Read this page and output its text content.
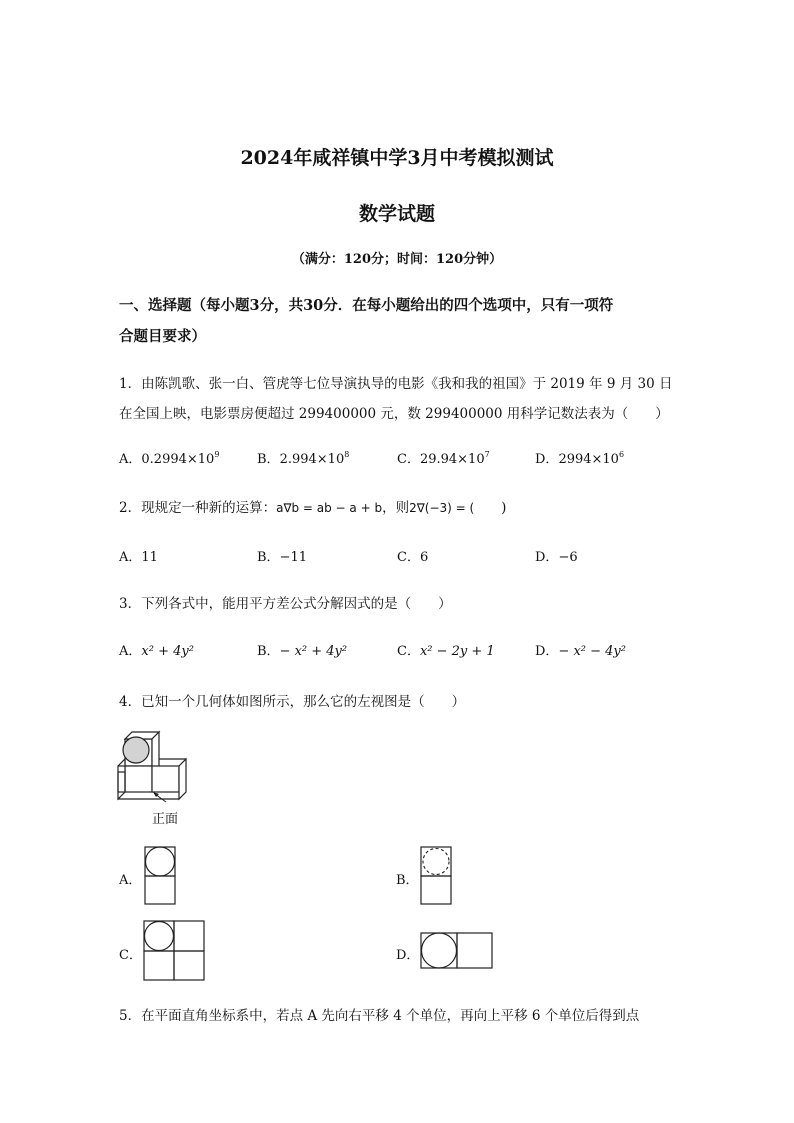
2024年咸祥镇中学3月中考模拟测试
数学试题
（满分：120分；时间：120分钟）
一、选择题（每小题3分，共30分．在每小题给出的四个选项中，只有一项符
合题目要求）
1．由陈凯歌、张一白、管虎等七位导演执导的电影《我和我的祖国》于 2019 年 9 月 30 日
在全国上映，电影票房便超过 299400000 元，数 299400000 用科学记数法表为（　　）
A．$0.2994\times 10^9$	B．$2.994\times 10^8$	C．$29.94\times 10^7$	D．$2994\times 10^6$
2．现规定一种新的运算：a∇b = ab − a + b，则2∇(−3) = (　　)
A．11	B．−11	C．6	D．−6
3．下列各式中，能用平方差公式分解因式的是（　　）
A．x² + 4y²	B．− x² + 4y²	C．x² − 2y + 1	D．− x² − 4y²
4．已知一个几何体如图所示，那么它的左视图是（　　）
正面
A．	B．
C．	D．
5．在平面直角坐标系中，若点 A 先向右平移 4 个单位，再向上平移 6 个单位后得到点
